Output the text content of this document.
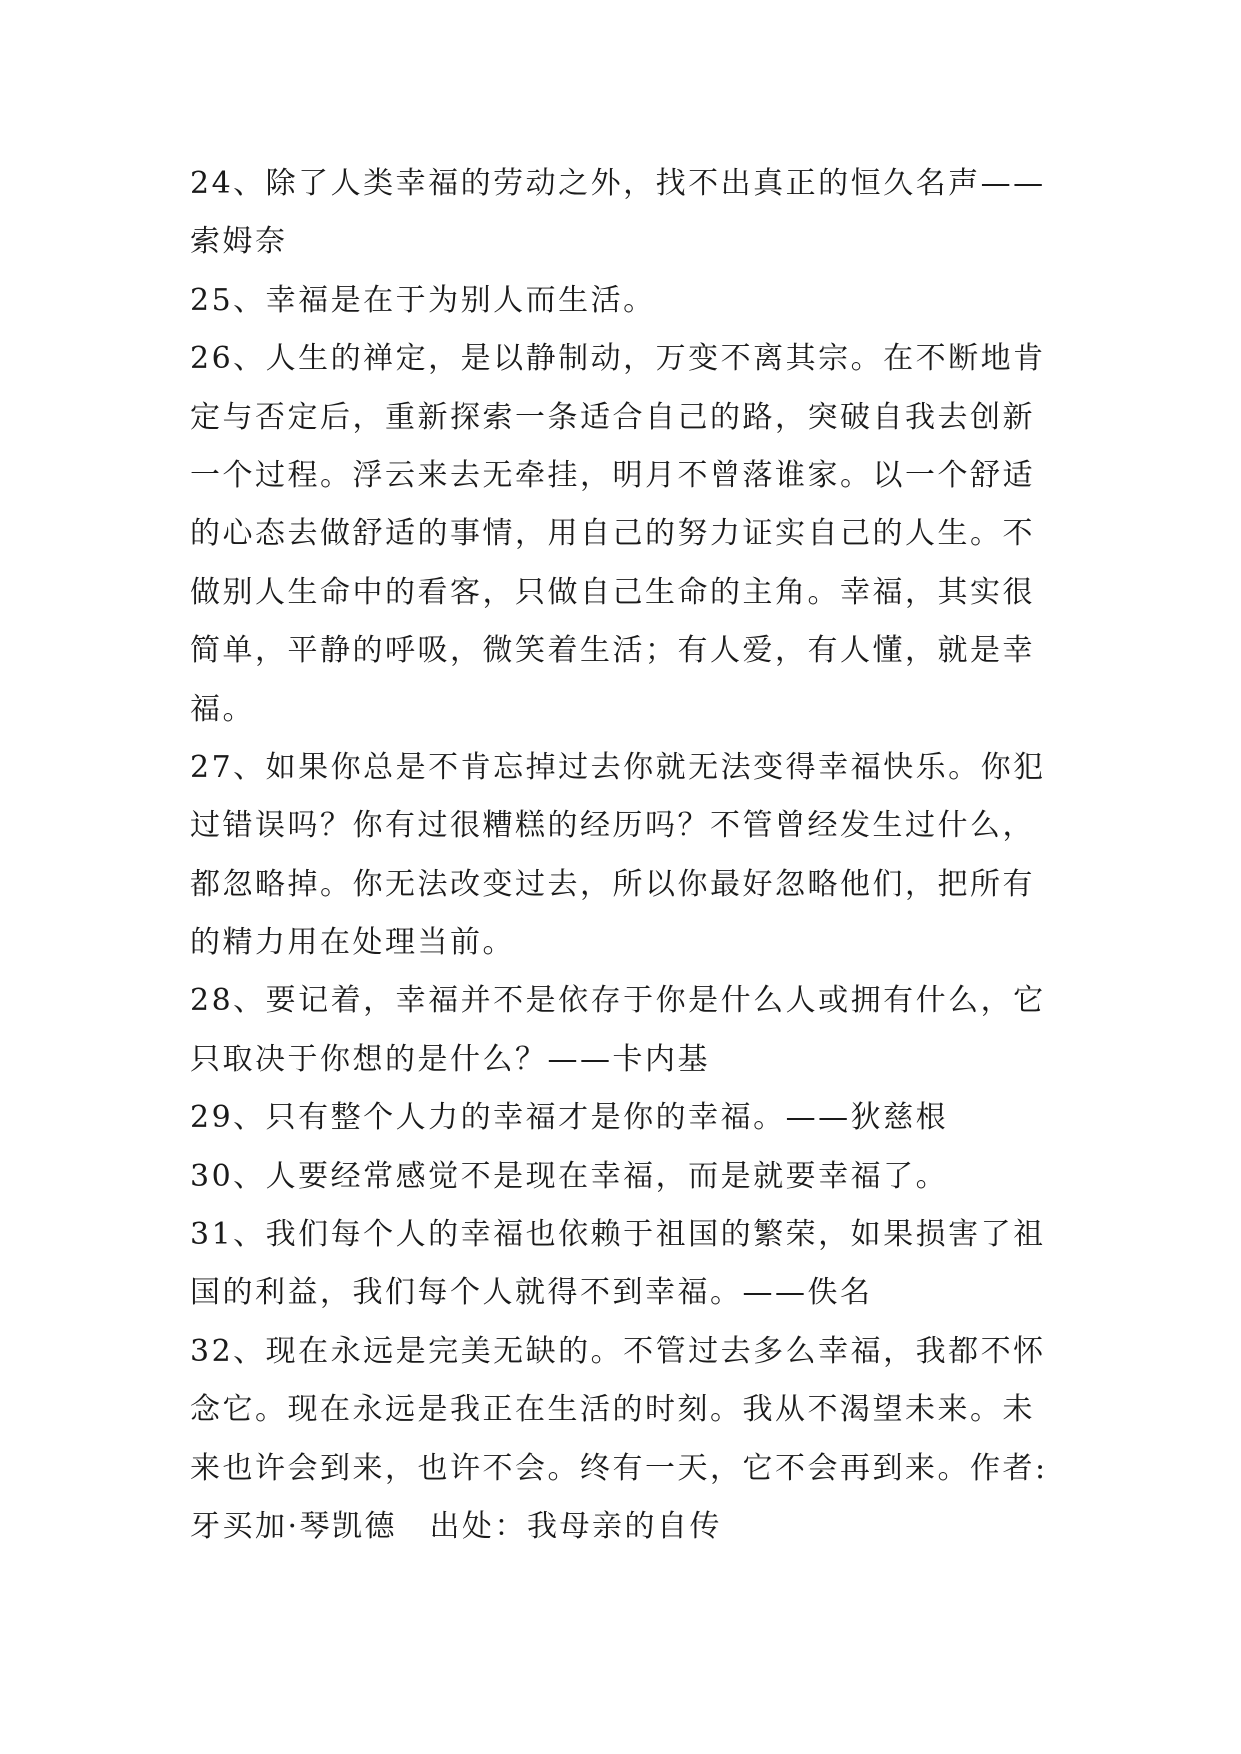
24、除了人类幸福的劳动之外，找不出真正的恒久名声——
索姆奈
25、幸福是在于为别人而生活。
26、人生的禅定，是以静制动，万变不离其宗。在不断地肯
定与否定后，重新探索一条适合自己的路，突破自我去创新
一个过程。浮云来去无牵挂，明月不曾落谁家。以一个舒适
的心态去做舒适的事情，用自己的努力证实自己的人生。不
做别人生命中的看客，只做自己生命的主角。幸福，其实很
简单，平静的呼吸，微笑着生活；有人爱，有人懂，就是幸
福。
27、如果你总是不肯忘掉过去你就无法变得幸福快乐。你犯
过错误吗？你有过很糟糕的经历吗？不管曾经发生过什么，
都忽略掉。你无法改变过去，所以你最好忽略他们，把所有
的精力用在处理当前。
28、要记着，幸福并不是依存于你是什么人或拥有什么，它
只取决于你想的是什么？——卡内基
29、只有整个人力的幸福才是你的幸福。——狄慈根
30、人要经常感觉不是现在幸福，而是就要幸福了。
31、我们每个人的幸福也依赖于祖国的繁荣，如果损害了祖
国的利益，我们每个人就得不到幸福。——佚名
32、现在永远是完美无缺的。不管过去多么幸福，我都不怀
念它。现在永远是我正在生活的时刻。我从不渴望未来。未
来也许会到来，也许不会。终有一天，它不会再到来。作者:
牙买加·琴凯德　出处：我母亲的自传
